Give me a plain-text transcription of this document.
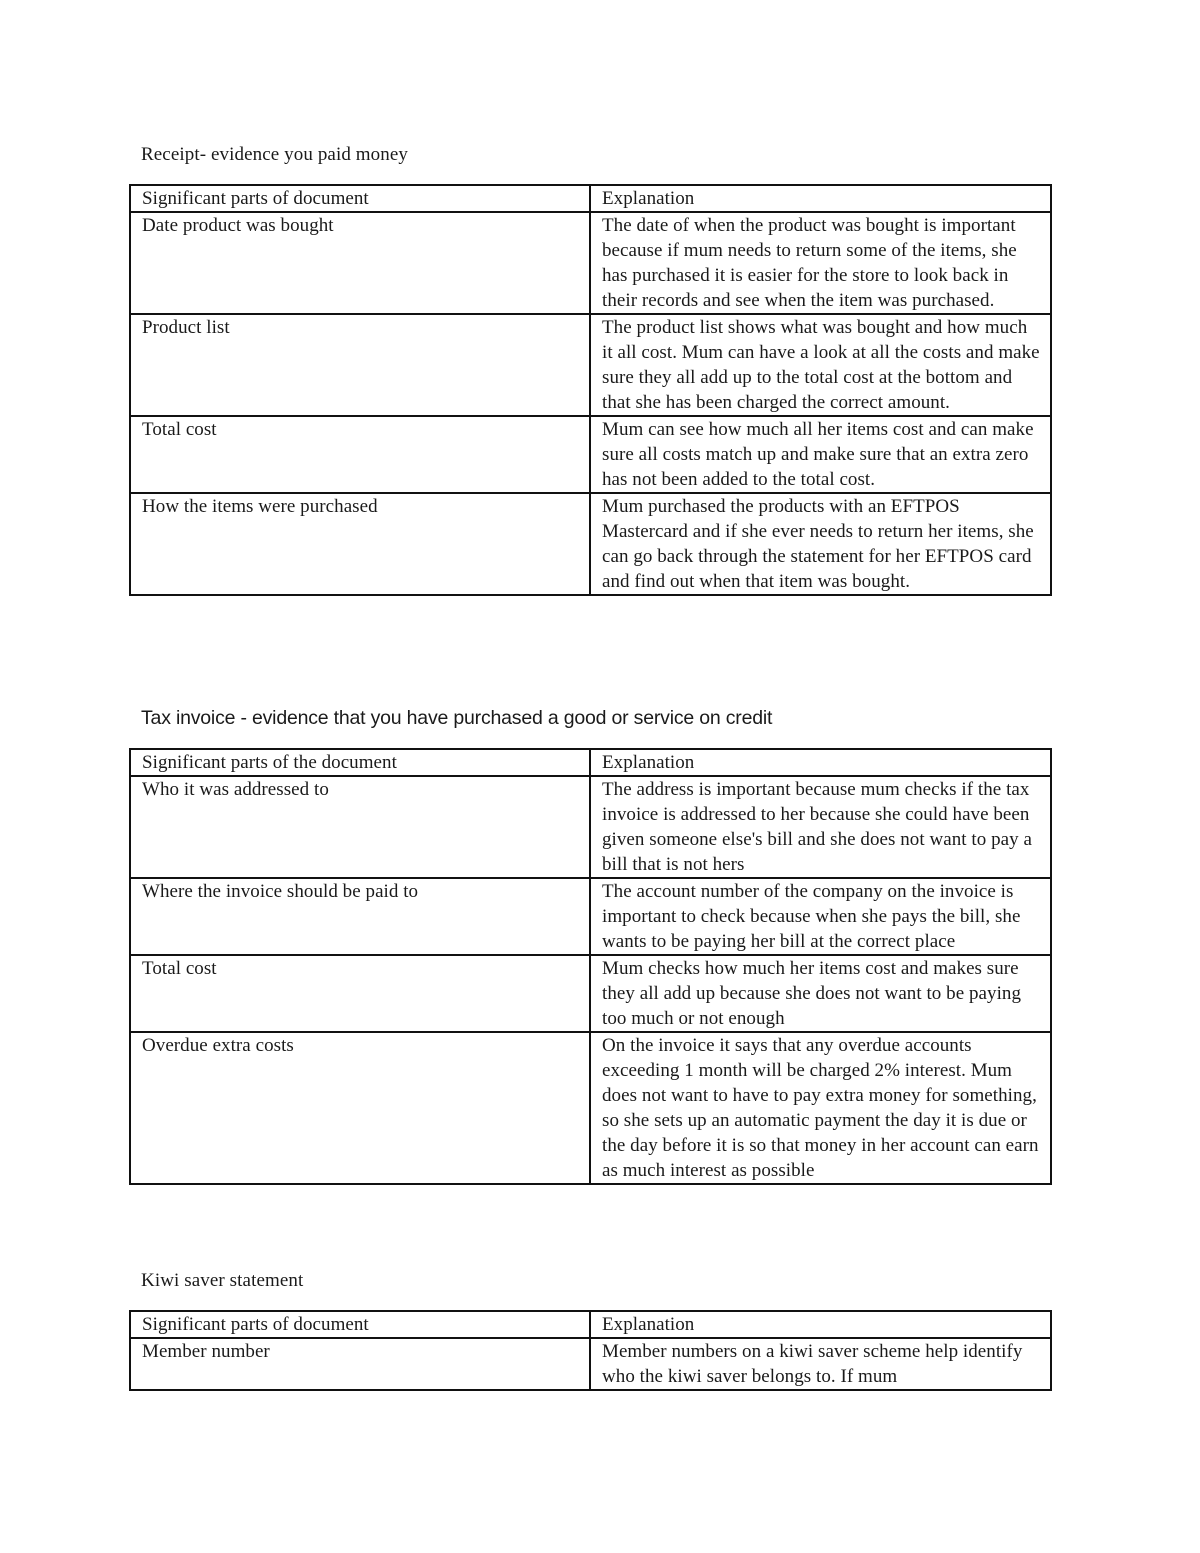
Receipt- evidence you paid money
Significant parts of document	Explanation
Date product was bought	The date of when the product was bought is important because if mum needs to return some of the items, she has purchased it is easier for the store to look back in their records and see when the item was purchased.
Product list	The product list shows what was bought and how much it all cost. Mum can have a look at all the costs and make sure they all add up to the total cost at the bottom and that she has been charged the correct amount.
Total cost	Mum can see how much all her items cost and can make sure all costs match up and make sure that an extra zero has not been added to the total cost.
How the items were purchased	Mum purchased the products with an EFTPOS Mastercard and if she ever needs to return her items, she can go back through the statement for her EFTPOS card and find out when that item was bought.
Tax invoice - evidence that you have purchased a good or service on credit
Significant parts of the document	Explanation
Who it was addressed to	The address is important because mum checks if the tax invoice is addressed to her because she could have been given someone else's bill and she does not want to pay a bill that is not hers
Where the invoice should be paid to	The account number of the company on the invoice is important to check because when she pays the bill, she wants to be paying her bill at the correct place
Total cost	Mum checks how much her items cost and makes sure they all add up because she does not want to be paying too much or not enough
Overdue extra costs	On the invoice it says that any overdue accounts exceeding 1 month will be charged 2% interest. Mum does not want to have to pay extra money for something, so she sets up an automatic payment the day it is due or the day before it is so that money in her account can earn as much interest as possible
Kiwi saver statement
Significant parts of document	Explanation
Member number	Member numbers on a kiwi saver scheme help identify who the kiwi saver belongs to. If mum
